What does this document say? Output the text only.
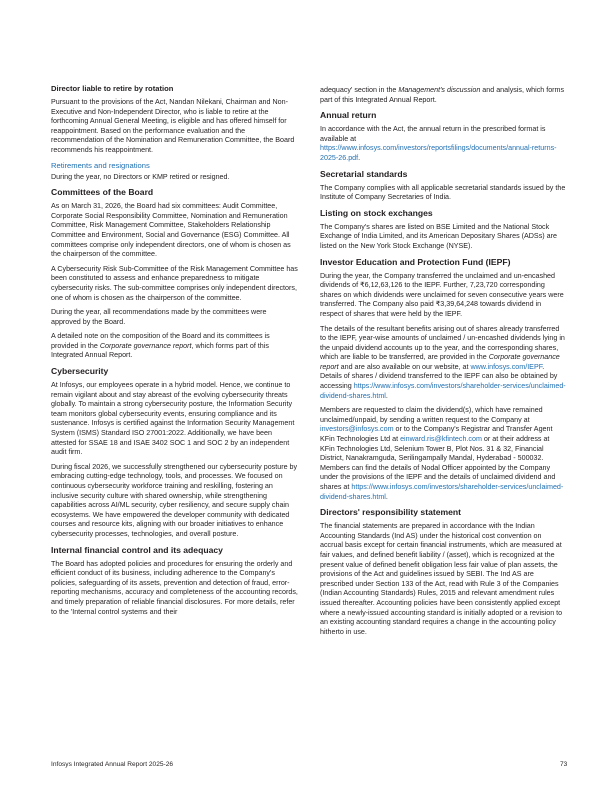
Director liable to retire by rotation

Pursuant to the provisions of the Act, Nandan Nilekani, Chairman and Non-Executive and Non-Independent Director, who is liable to retire at the forthcoming Annual General Meeting, is eligible and has offered himself for reappointment. Based on the performance evaluation and the recommendation of the Nomination and Remuneration Committee, the Board recommends his reappointment.

Retirements and resignations

During the year, no Directors or KMP retired or resigned.

Committees of the Board

As on March 31, 2026, the Board had six committees: Audit Committee, Corporate Social Responsibility Committee, Nomination and Remuneration Committee, Risk Management Committee, Stakeholders Relationship Committee and Environment, Social and Governance (ESG) Committee. All committees comprise only independent directors, one of whom is chosen as the chairperson of the committee.

A Cybersecurity Risk Sub-Committee of the Risk Management Committee has been constituted to assess and enhance preparedness to mitigate cybersecurity risks. The sub-committee comprises only independent directors, one of whom is chosen as the chairperson of the committee.

During the year, all recommendations made by the committees were approved by the Board.

A detailed note on the composition of the Board and its committees is provided in the Corporate governance report, which forms part of this Integrated Annual Report.

Cybersecurity

At Infosys, our employees operate in a hybrid model. Hence, we continue to remain vigilant about and stay abreast of the evolving cybersecurity threats globally. To maintain a strong cybersecurity posture, the Information Security team monitors global cybersecurity events, ensuring compliance and its sustenance. Infosys is certified against the Information Security Management System (ISMS) Standard ISO 27001:2022. Additionally, we have been attested for SSAE 18 and ISAE 3402 SOC 1 and SOC 2 by an independent audit firm.

During fiscal 2026, we successfully strengthened our cybersecurity posture by embracing cutting-edge technology, tools, and processes. We focused on continuous cybersecurity workforce training and reskilling, fostering an inclusive security culture with shared ownership, while strengthening capabilities across AI/ML security, cyber resiliency, and secure supply chain ecosystems. We have empowered the developer community with dedicated courses and resource kits, aligning with our broader initiatives to enhance cybersecurity processes, technologies, and overall posture.

Internal financial control and its adequacy

The Board has adopted policies and procedures for ensuring the orderly and efficient conduct of its business, including adherence to the Company's policies, safeguarding of its assets, prevention and detection of fraud, error-reporting mechanisms, accuracy and completeness of the accounting records, and timely preparation of reliable financial disclosures. For more details, refer to the 'Internal control systems and their

adequacy' section in the Management's discussion and analysis, which forms part of this Integrated Annual Report.

Annual return

In accordance with the Act, the annual return in the prescribed format is available at https://www.infosys.com/investors/reportsfilings/documents/annual-returns-2025-26.pdf.

Secretarial standards

The Company complies with all applicable secretarial standards issued by the Institute of Company Secretaries of India.

Listing on stock exchanges

The Company's shares are listed on BSE Limited and the National Stock Exchange of India Limited, and its American Depositary Shares (ADSs) are listed on the New York Stock Exchange (NYSE).

Investor Education and Protection Fund (IEPF)

During the year, the Company transferred the unclaimed and un-encashed dividends of ₹6,12,63,126 to the IEPF. Further, 7,23,720 corresponding shares on which dividends were unclaimed for seven consecutive years were transferred. The Company also paid ₹3,39,64,248 towards dividend in respect of shares that were held by the IEPF.

The details of the resultant benefits arising out of shares already transferred to the IEPF, year-wise amounts of unclaimed / un-encashed dividends lying in the unpaid dividend accounts up to the year, and the corresponding shares, which are liable to be transferred, are provided in the Corporate governance report and are also available on our website, at www.infosys.com/IEPF. Details of shares / dividend transferred to the IEPF can also be obtained by accessing https://www.infosys.com/investors/shareholder-services/unclaimed-dividend-shares.html.

Members are requested to claim the dividend(s), which have remained unclaimed/unpaid, by sending a written request to the Company at investors@infosys.com or to the Company's Registrar and Transfer Agent KFin Technologies Ltd at einward.ris@kfintech.com or at their address at KFin Technologies Ltd, Selenium Tower B, Plot Nos. 31 & 32, Financial District, Nanakramguda, Serilingampally Mandal, Hyderabad - 500032. Members can find the details of Nodal Officer appointed by the Company under the provisions of the IEPF and the details of unclaimed dividend and shares at https://www.infosys.com/investors/shareholder-services/unclaimed-dividend-shares.html.

Directors' responsibility statement

The financial statements are prepared in accordance with the Indian Accounting Standards (Ind AS) under the historical cost convention on accrual basis except for certain financial instruments, which are measured at fair values, and defined benefit liability / (asset), which is recognized at the present value of defined benefit obligation less fair value of plan assets, the provisions of the Act and guidelines issued by SEBI. The Ind AS are prescribed under Section 133 of the Act, read with Rule 3 of the Companies (Indian Accounting Standards) Rules, 2015 and relevant amendment rules issued thereafter. Accounting policies have been consistently applied except where a newly-issued accounting standard is initially adopted or a revision to an existing accounting standard requires a change in the accounting policy hitherto in use.

Infosys Integrated Annual Report 2025-26	73
